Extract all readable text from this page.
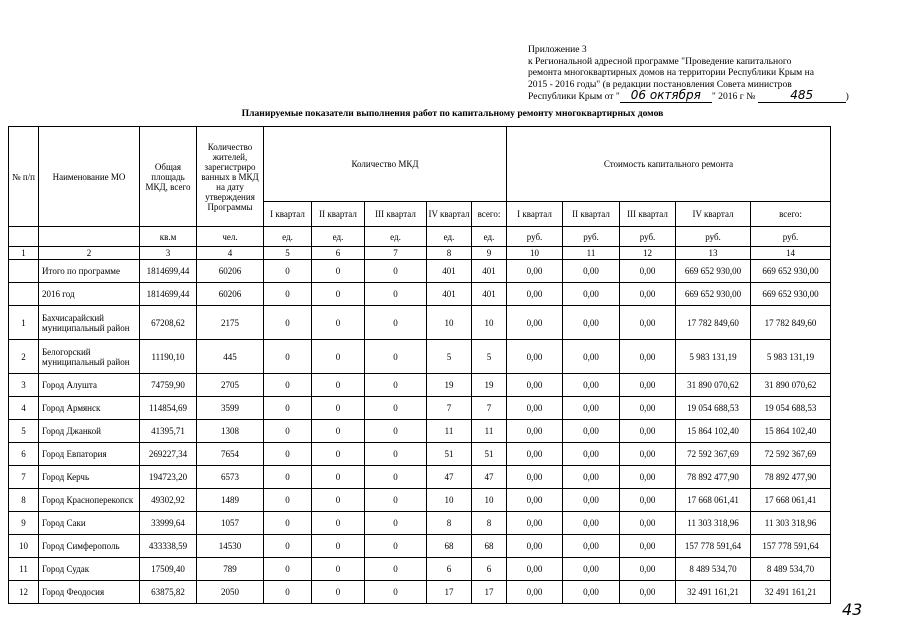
Приложение 3
к Региональной адресной программе "Проведение капитального
ремонта многоквартирных домов на территории Республики Крым на
2015 - 2016 годы" (в редакции постановления Совета министров
Республики Крым от " 06 октября " 2016 г №	485	)
Планируемые показатели выполнения работ по капитальному ремонту многоквартирных домов
№ п/п	Наименование МО	Общая площадь МКД, всего	Количество жителей, зарегистриро ванных в МКД на дату утверждения Программы	Количество МКД					Стоимость капитального ремонта				
				I квартал	II квартал	III квартал	IV квартал	всего:	I квартал	II квартал	III квартал	IV квартал	всего:
		кв.м	чел.	ед.	ед.	ед.	ед.	ед.	руб.	руб.	руб.	руб.	руб.
1	2	3	4	5	6	7	8	9	10	11	12	13	14
	Итого по программе	1814699,44	60206	0	0	0	401	401	0,00	0,00	0,00	669 652 930,00	669 652 930,00
	2016 год	1814699,44	60206	0	0	0	401	401	0,00	0,00	0,00	669 652 930,00	669 652 930,00
1	Бахчисарайский муниципальный район	67208,62	2175	0	0	0	10	10	0,00	0,00	0,00	17 782 849,60	17 782 849,60
2	Белогорский муниципальный район	11190,10	445	0	0	0	5	5	0,00	0,00	0,00	5 983 131,19	5 983 131,19
3	Город Алушта	74759,90	2705	0	0	0	19	19	0,00	0,00	0,00	31 890 070,62	31 890 070,62
4	Город Армянск	114854,69	3599	0	0	0	7	7	0,00	0,00	0,00	19 054 688,53	19 054 688,53
5	Город Джанкой	41395,71	1308	0	0	0	11	11	0,00	0,00	0,00	15 864 102,40	15 864 102,40
6	Город Евпатория	269227,34	7654	0	0	0	51	51	0,00	0,00	0,00	72 592 367,69	72 592 367,69
7	Город Керчь	194723,20	6573	0	0	0	47	47	0,00	0,00	0,00	78 892 477,90	78 892 477,90
8	Город Красноперекопск	49302,92	1489	0	0	0	10	10	0,00	0,00	0,00	17 668 061,41	17 668 061,41
9	Город Саки	33999,64	1057	0	0	0	8	8	0,00	0,00	0,00	11 303 318,96	11 303 318,96
10	Город Симферополь	433338,59	14530	0	0	0	68	68	0,00	0,00	0,00	157 778 591,64	157 778 591,64
11	Город Судак	17509,40	789	0	0	0	6	6	0,00	0,00	0,00	8 489 534,70	8 489 534,70
12	Город Феодосия	63875,82	2050	0	0	0	17	17	0,00	0,00	0,00	32 491 161,21	32 491 161,21
43
